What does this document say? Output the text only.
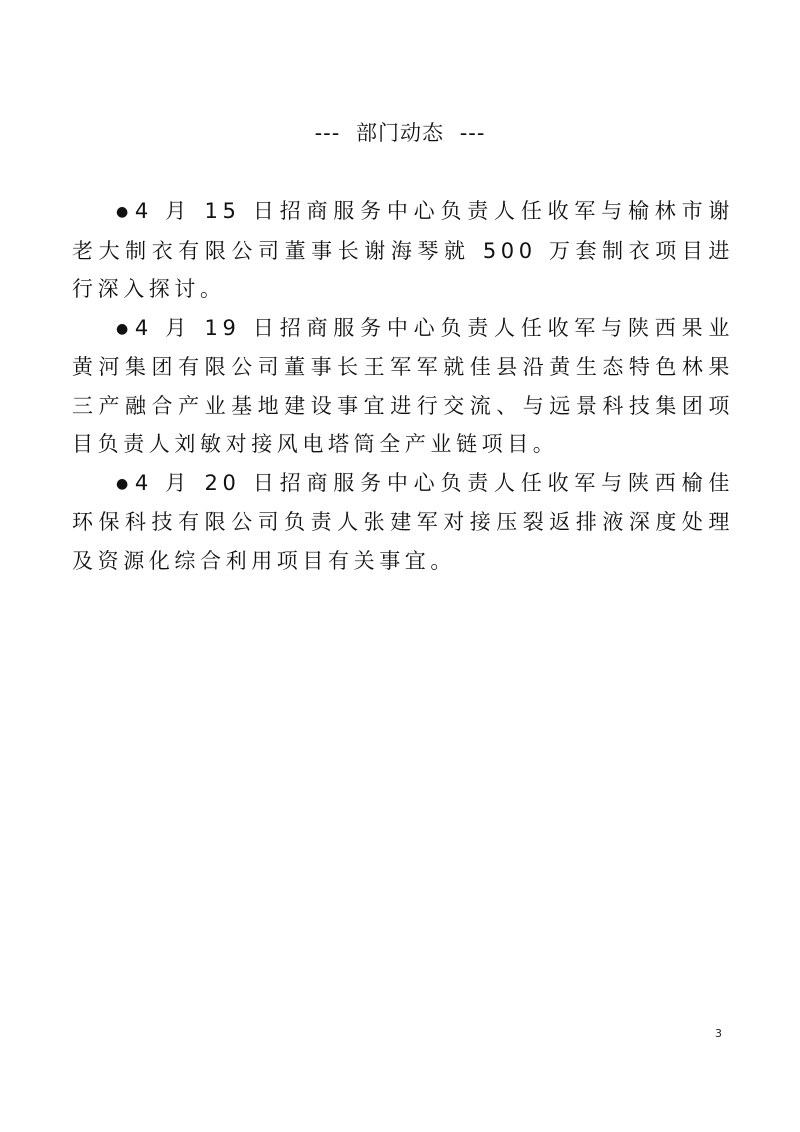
--- 部门动态 ---

●4 月 15 日招商服务中心负责人任收军与榆林市谢老大制衣有限公司董事长谢海琴就 500 万套制衣项目进行深入探讨。

●4 月 19 日招商服务中心负责人任收军与陕西果业黄河集团有限公司董事长王军军就佳县沿黄生态特色林果三产融合产业基地建设事宜进行交流、与远景科技集团项目负责人刘敏对接风电塔筒全产业链项目。

●4 月 20 日招商服务中心负责人任收军与陕西榆佳环保科技有限公司负责人张建军对接压裂返排液深度处理及资源化综合利用项目有关事宜。

3
